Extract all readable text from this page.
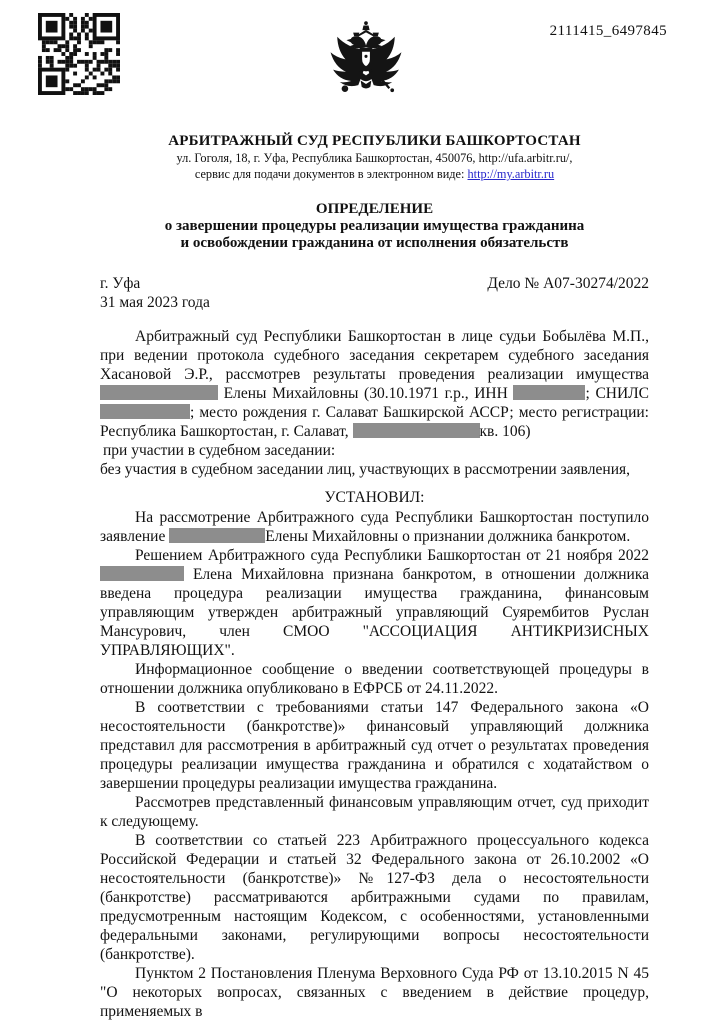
2111415_6497845
АРБИТРАЖНЫЙ СУД РЕСПУБЛИКИ БАШКОРТОСТАН
ул. Гоголя, 18, г. Уфа, Республика Башкортостан, 450076, http://ufa.arbitr.ru/,
сервис для подачи документов в электронном виде: http://my.arbitr.ru
ОПРЕДЕЛЕНИЕ
о завершении процедуры реализации имущества гражданина
и освобождении гражданина от исполнения обязательств
г. Уфа	Дело № А07-30274/2022
31 мая 2023 года

Арбитражный суд Республики Башкортостан в лице судьи Бобылёва М.П., при ведении протокола судебного заседания секретарем судебного заседания Хасановой Э.Р., рассмотрев результаты проведения реализации имущества  Елены Михайловны (30.10.1971 г.р., ИНН	; СНИЛС ; место рождения г. Салават Башкирской АССР; место регистрации: Республика Башкортостан, г. Салават,	кв. 106)

при участии в судебном заседании:

без участия в судебном заседании лиц, участвующих в рассмотрении заявления,

УСТАНОВИЛ:

На рассмотрение Арбитражного суда Республики Башкортостан поступило заявление	Елены Михайловны о признании должника банкротом.

Решением Арбитражного суда Республики Башкортостан от 21 ноября 2022  Елена Михайловна признана банкротом, в отношении должника введена процедура реализации имущества гражданина, финансовым управляющим утвержден арбитражный управляющий Суярембитов Руслан Мансурович, член СМОО "АССОЦИАЦИЯ АНТИКРИЗИСНЫХ УПРАВЛЯЮЩИХ".

Информационное сообщение о введении соответствующей процедуры в отношении должника опубликовано в ЕФРСБ от 24.11.2022.

В соответствии с требованиями статьи 147 Федерального закона «О несостоятельности (банкротстве)» финансовый управляющий должника представил для рассмотрения в арбитражный суд отчет о результатах проведения процедуры реализации имущества гражданина и обратился с ходатайством о завершении процедуры реализации имущества гражданина.

Рассмотрев представленный финансовым управляющим отчет, суд приходит к следующему.

В соответствии со статьей 223 Арбитражного процессуального кодекса Российской Федерации и статьей 32 Федерального закона от 26.10.2002 «О несостоятельности (банкротстве)» №127-ФЗ дела о несостоятельности (банкротстве) рассматриваются арбитражными судами по правилам, предусмотренным настоящим Кодексом, с особенностями, установленными федеральными законами, регулирующими вопросы несостоятельности (банкротстве).

Пунктом 2 Постановления Пленума Верховного Суда РФ от 13.10.2015 N 45 "О некоторых вопросах, связанных с введением в действие процедур, применяемых в
